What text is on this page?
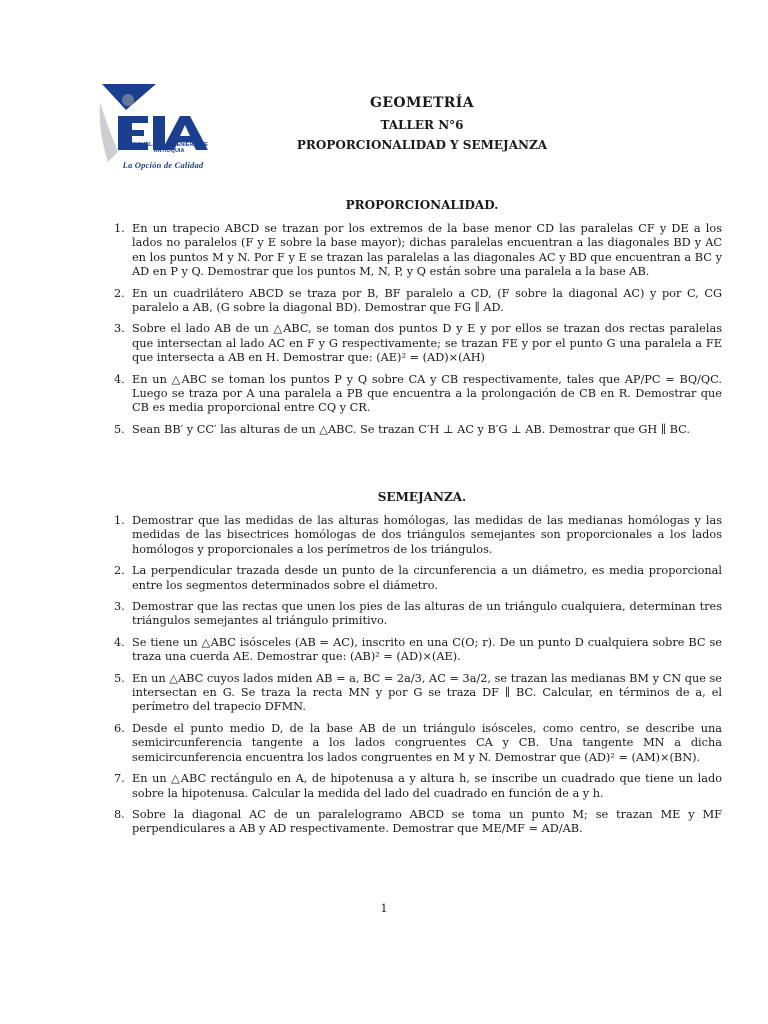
La Opción de Calidad
ESCUELA DE INGENIERIA DE ANTIOQUIA
GEOMETRÍA
TALLER N°6
PROPORCIONALIDAD Y SEMEJANZA
PROPORCIONALIDAD.
1. En un trapecio ABCD se trazan por los extremos de la base menor CD las paralelas CF y DE a los lados no paralelos (F y E sobre la base mayor); dichas paralelas encuentran a las diagonales BD y AC en los puntos M y N. Por F y E se trazan las paralelas a las diagonales AC y BD que encuentran a BC y AD en P y Q. Demostrar que los puntos M, N, P, y Q están sobre una paralela a la base AB.
2. En un cuadrilátero ABCD se traza por B, BF paralelo a CD, (F sobre la diagonal AC) y por C, CG paralelo a AB, (G sobre la diagonal BD). Demostrar que FG ∥ AD.
3. Sobre el lado AB de un △ABC, se toman dos puntos D y E y por ellos se trazan dos rectas paralelas que intersectan al lado AC en F y G respectivamente; se trazan FE y por el punto G una paralela a FE que intersecta a AB en H. Demostrar que: (AE)² = (AD)×(AH)
4. En un △ABC se toman los puntos P y Q sobre CA y CB respectivamente, tales que AP/PC = BQ/QC. Luego se traza por A una paralela a PB que encuentra a la prolongación de CB en R. Demostrar que CB es media proporcional entre CQ y CR.
5. Sean BB′ y CC′ las alturas de un △ABC. Se trazan C′H ⊥ AC y B′G ⊥ AB. Demostrar que GH ∥ BC.
SEMEJANZA.
1. Demostrar que las medidas de las alturas homólogas, las medidas de las medianas homólogas y las medidas de las bisectrices homólogas de dos triángulos semejantes son proporcionales a los lados homólogos y proporcionales a los perímetros de los triángulos.
2. La perpendicular trazada desde un punto de la circunferencia a un diámetro, es media proporcional entre los segmentos determinados sobre el diámetro.
3. Demostrar que las rectas que unen los pies de las alturas de un triángulo cualquiera, determinan tres triángulos semejantes al triángulo primitivo.
4. Se tiene un △ABC isósceles (AB = AC), inscrito en una C(O; r). De un punto D cualquiera sobre BC se traza una cuerda AE. Demostrar que: (AB)² = (AD)×(AE).
5. En un △ABC cuyos lados miden AB = a, BC = 2a/3, AC = 3a/2, se trazan las medianas BM y CN que se intersectan en G. Se traza la recta MN y por G se traza DF ∥ BC. Calcular, en términos de a, el perímetro del trapecio DFMN.
6. Desde el punto medio D, de la base AB de un triángulo isósceles, como centro, se describe una semicircunferencia tangente a los lados congruentes CA y CB. Una tangente MN a dicha semicircunferencia encuentra los lados congruentes en M y N. Demostrar que (AD)² = (AM)×(BN).
7. En un △ABC rectángulo en A, de hipotenusa a y altura h, se inscribe un cuadrado que tiene un lado sobre la hipotenusa. Calcular la medida del lado del cuadrado en función de a y h.
8. Sobre la diagonal AC de un paralelogramo ABCD se toma un punto M; se trazan ME y MF perpendiculares a AB y AD respectivamente. Demostrar que ME/MF = AD/AB.
1
